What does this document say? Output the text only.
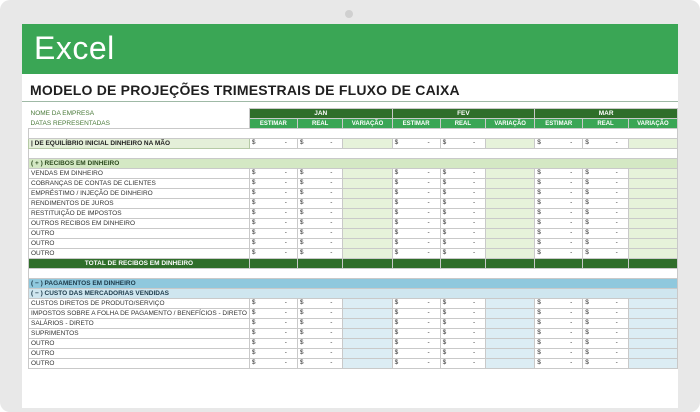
Excel
MODELO DE PROJEÇÕES TRIMESTRAIS DE FLUXO DE CAIXA
NOME DA EMPRESA	JAN			FEV			MAR		
DATAS REPRESENTADAS	ESTIMAR	REAL	VARIAÇÃO	ESTIMAR	REAL	VARIAÇÃO	ESTIMAR	REAL	VARIAÇÃO

| DE EQUILÍBRIO INICIAL DINHEIRO NA MÃO	$ -	$ -		$ -	$ -		$ -	$ -	

( + ) RECIBOS EM DINHEIRO									
VENDAS EM DINHEIRO	$ -	$ -		$ -	$ -		$ -	$ -	

COBRANÇAS DE CONTAS DE CLIENTES	$ -	$ -		$ -	$ -		$ -	$ -	

EMPRÉSTIMO / INJEÇÃO DE DINHEIRO	$ -	$ -		$ -	$ -		$ -	$ -	

RENDIMENTOS DE JUROS	$ -	$ -		$ -	$ -		$ -	$ -	

RESTITUIÇÃO DE IMPOSTOS	$ -	$ -		$ -	$ -		$ -	$ -	

OUTROS RECIBOS EM DINHEIRO	$ -	$ -		$ -	$ -		$ -	$ -	

OUTRO	$ -	$ -		$ -	$ -		$ -	$ -	

OUTRO	$ -	$ -		$ -	$ -		$ -	$ -	

OUTRO	$ -	$ -		$ -	$ -		$ -	$ -	

TOTAL DE RECIBOS EM DINHEIRO									

( − ) PAGAMENTOS EM DINHEIRO									
( − ) CUSTO DAS MERCADORIAS VENDIDAS									
CUSTOS DIRETOS DE PRODUTO/SERVIÇO	$ -	$ -		$ -	$ -		$ -	$ -	

IMPOSTOS SOBRE A FOLHA DE PAGAMENTO / BENEFÍCIOS - DIRETO	$ -	$ -		$ -	$ -		$ -	$ -	

SALÁRIOS - DIRETO	$ -	$ -		$ -	$ -		$ -	$ -	

SUPRIMENTOS	$ -	$ -		$ -	$ -		$ -	$ -	

OUTRO	$ -	$ -		$ -	$ -		$ -	$ -	

OUTRO	$ -	$ -		$ -	$ -		$ -	$ -	

OUTRO	$ -	$ -		$ -	$ -		$ -	$ -	
